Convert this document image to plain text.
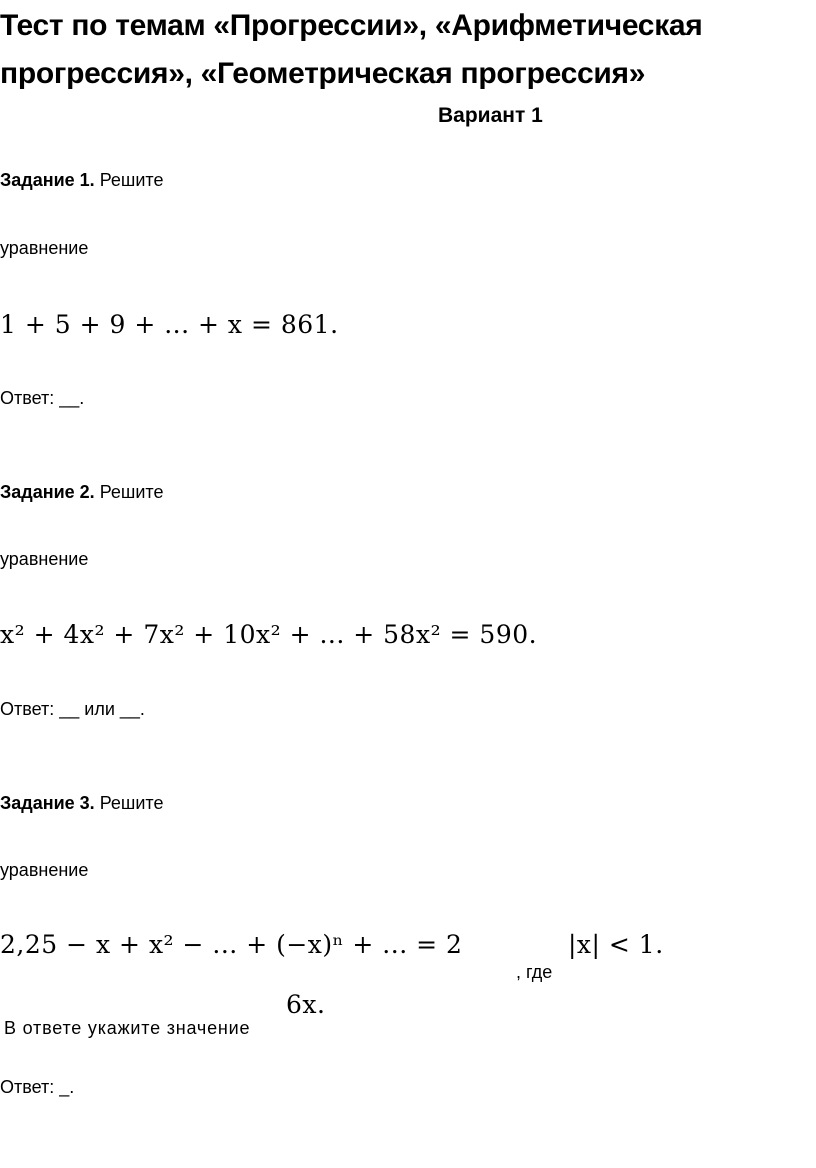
Тест по темам «Прогрессии», «Арифметическая
прогрессия», «Геометрическая прогрессия»
Вариант 1
Задание 1. Решите
уравнение
1 + 5 + 9 + ... + x = 861.
Ответ: __.
Задание 2. Решите
уравнение
x² + 4x² + 7x² + 10x² + ... + 58x² = 590.
Ответ: __ или __.
Задание 3. Решите
уравнение
2,25 − x + x² − ... + (−x)ⁿ + ... = 2
, где
|x| < 1.
6x.
В ответе укажите значение
Ответ: _.
